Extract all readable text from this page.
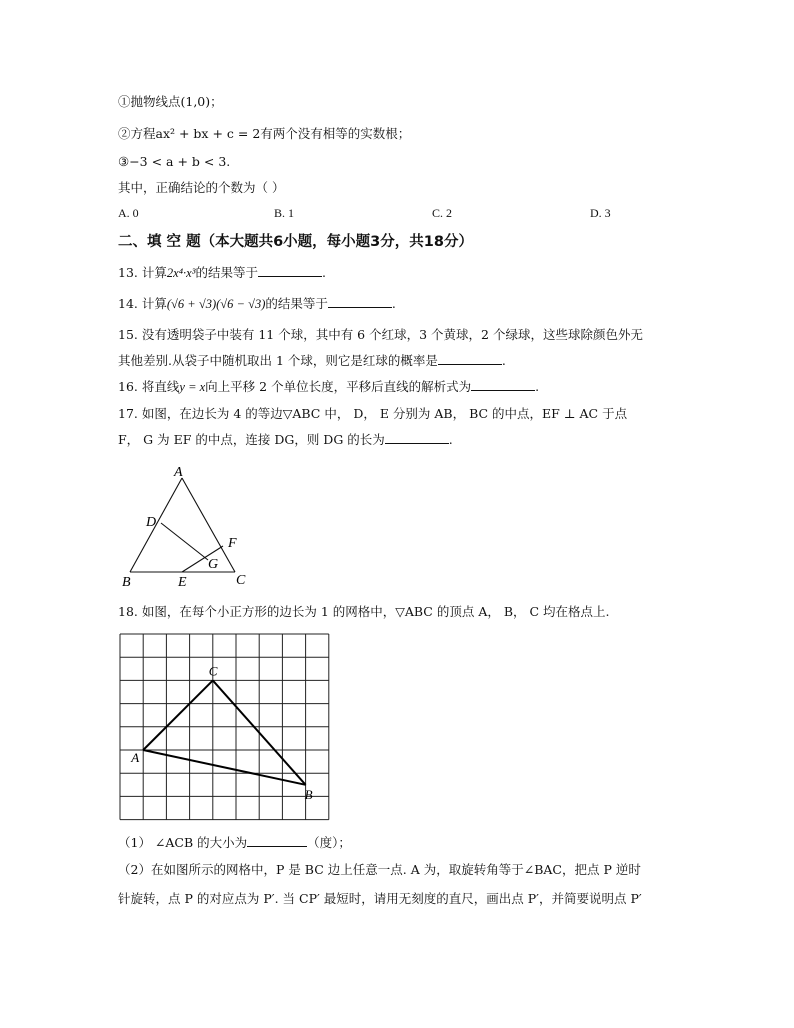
①抛物线点(1,0)；
②方程ax² + bx + c = 2有两个没有相等的实数根；
③−3 < a + b < 3.
其中，正确结论的个数为（ ）
A. 0	B. 1	C. 2	D. 3
二、填 空 题（本大题共6小题，每小题3分，共18分）
13. 计算2x⁴·x³的结果等于	.
14. 计算(√6 + √3)(√6 − √3)的结果等于	.
15. 没有透明袋子中装有 11 个球，其中有 6 个红球，3 个黄球，2 个绿球，这些球除颜色外无
其他差别.从袋子中随机取出 1 个球，则它是红球的概率是	.
16. 将直线y = x向上平移 2 个单位长度，平移后直线的解析式为	.
17. 如图，在边长为 4 的等边▽ABC 中， D， E 分别为 AB， BC 的中点，EF ⊥ AC 于点
F， G 为 EF 的中点，连接 DG，则 DG 的长为	.
A
D
F
G
B	E	C
18. 如图，在每个小正方形的边长为 1 的网格中，▽ABC 的顶点 A， B， C 均在格点上.
C
A
B
（1） ∠ACB 的大小为	（度）；
（2）在如图所示的网格中，P 是 BC 边上任意一点. A 为，取旋转角等于∠BAC，把点 P 逆时
针旋转，点 P 的对应点为 P′. 当 CP′ 最短时，请用无刻度的直尺，画出点 P′，并简要说明点 P′
